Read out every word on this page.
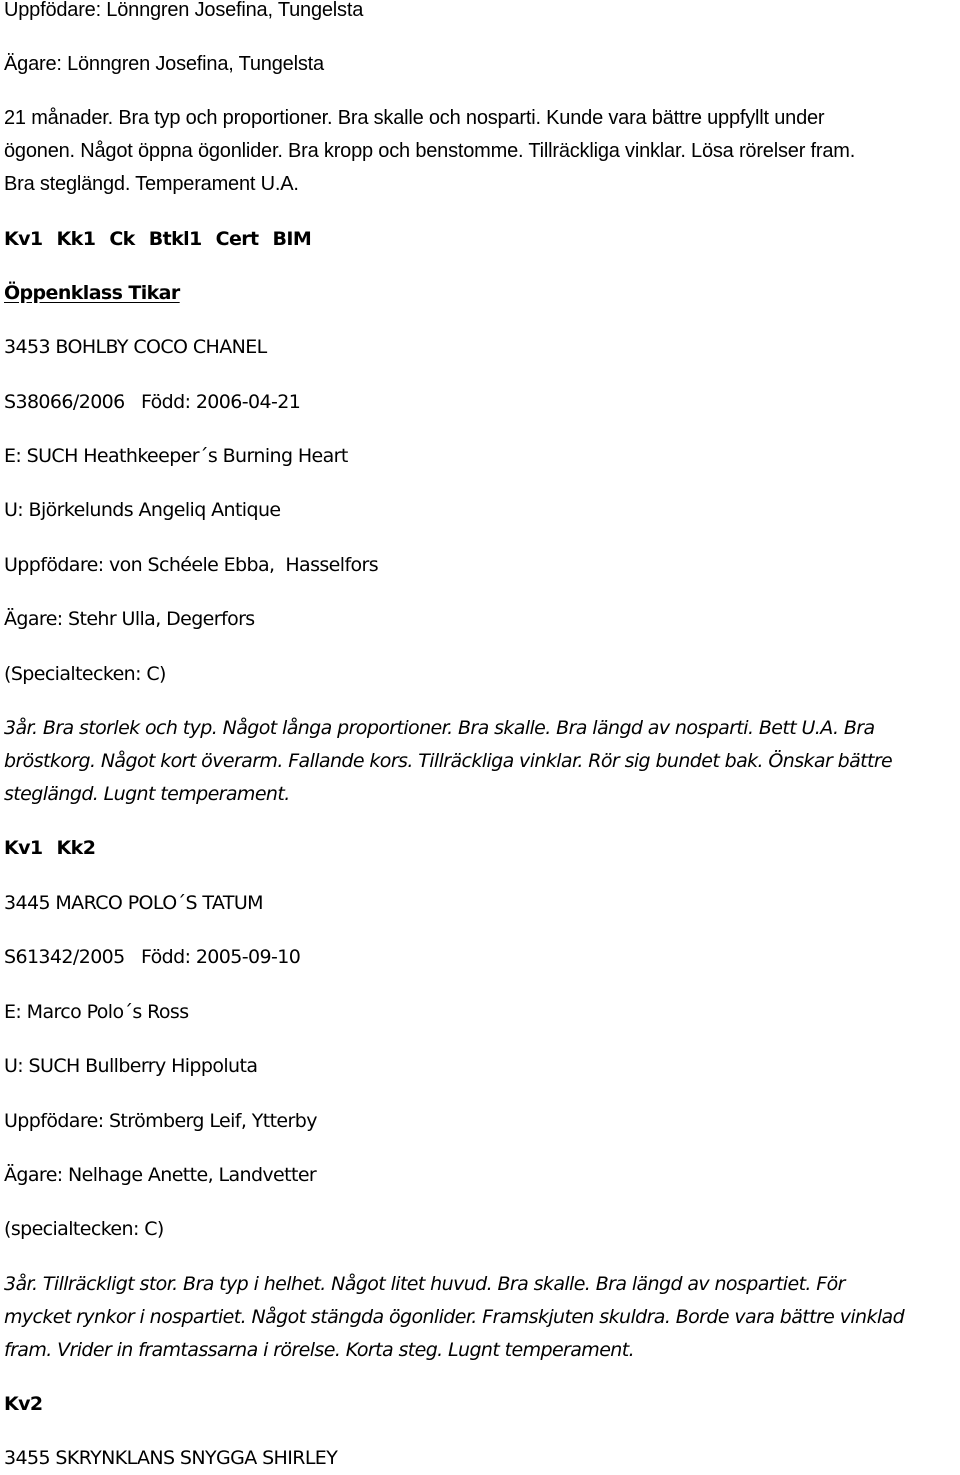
Uppfödare: Lönngren Josefina, Tungelsta
Ägare: Lönngren Josefina, Tungelsta
21 månader. Bra typ och proportioner. Bra skalle och nosparti. Kunde vara bättre uppfyllt under
ögonen. Något öppna ögonlider. Bra kropp och benstomme. Tillräckliga vinklar. Lösa rörelser fram.
Bra steglängd. Temperament U.A.
Kv1 Kk1 Ck Btkl1 Cert BIM
Öppenklass Tikar
3453 BOHLBY COCO CHANEL
S38066/2006   Född: 2006-04-21
E: SUCH Heathkeeper´s Burning Heart
U: Björkelunds Angeliq Antique
Uppfödare: von Schéele Ebba,  Hasselfors
Ägare: Stehr Ulla, Degerfors
(Specialtecken: C)
3år. Bra storlek och typ. Något långa proportioner. Bra skalle. Bra längd av nosparti. Bett U.A. Bra
bröstkorg. Något kort överarm. Fallande kors. Tillräckliga vinklar. Rör sig bundet bak. Önskar bättre
steglängd. Lugnt temperament.
Kv1 Kk2
3445 MARCO POLO´S TATUM
S61342/2005   Född: 2005-09-10
E: Marco Polo´s Ross
U: SUCH Bullberry Hippoluta
Uppfödare: Strömberg Leif, Ytterby
Ägare: Nelhage Anette, Landvetter
(specialtecken: C)
3år. Tillräckligt stor. Bra typ i helhet. Något litet huvud. Bra skalle. Bra längd av nospartiet. För
mycket rynkor i nospartiet. Något stängda ögonlider. Framskjuten skuldra. Borde vara bättre vinklad
fram. Vrider in framtassarna i rörelse. Korta steg. Lugnt temperament.
Kv2
3455 SKRYNKLANS SNYGGA SHIRLEY
